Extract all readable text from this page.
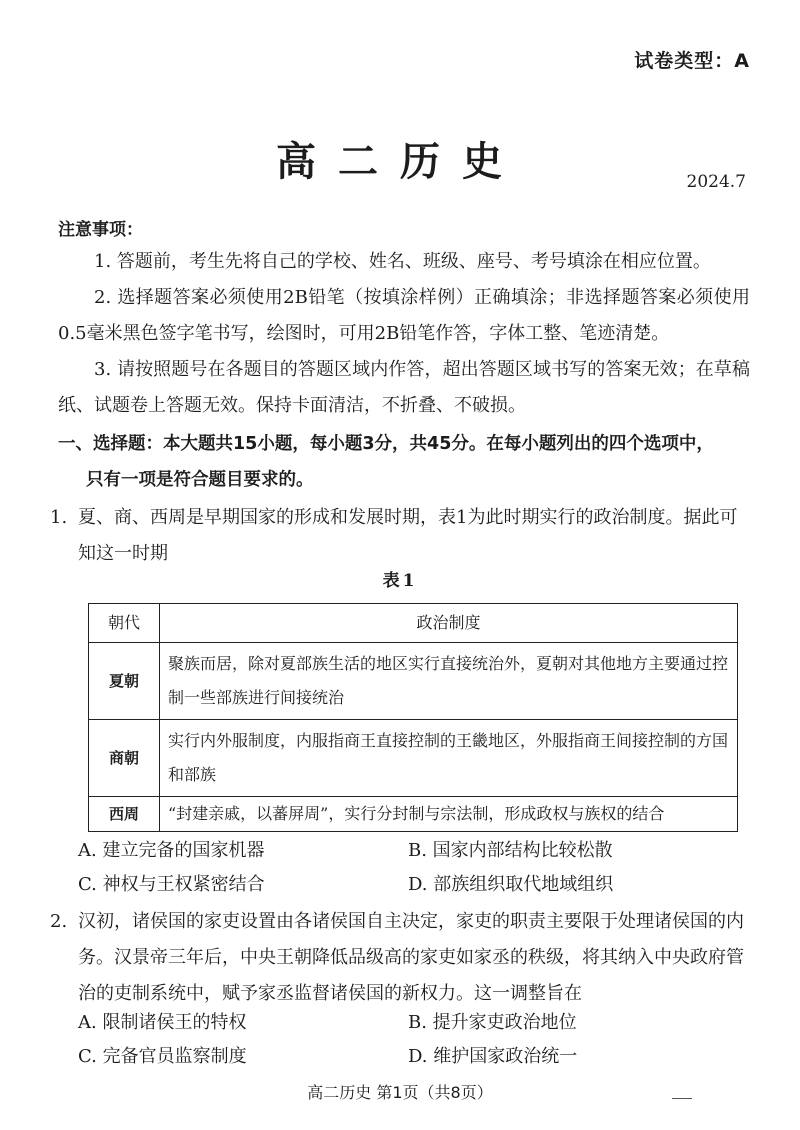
试卷类型：A
高二历史	2024.7
注意事项：

1. 答题前，考生先将自己的学校、姓名、班级、座号、考号填涂在相应位置。

2. 选择题答案必须使用2B铅笔（按填涂样例）正确填涂；非选择题答案必须使用0.5毫米黑色签字笔书写，绘图时，可用2B铅笔作答，字体工整、笔迹清楚。

3. 请按照题号在各题目的答题区域内作答，超出答题区域书写的答案无效；在草稿纸、试题卷上答题无效。保持卡面清洁，不折叠、不破损。

一、选择题：本大题共15小题，每小题3分，共45分。在每小题列出的四个选项中，
只有一项是符合题目要求的。
1. 夏、商、西周是早期国家的形成和发展时期，表1为此时期实行的政治制度。据此可知这一时期
表1
朝代	政治制度
夏朝	聚族而居，除对夏部族生活的地区实行直接统治外，夏朝对其他地方主要通过控制一些部族进行间接统治
商朝	实行内外服制度，内服指商王直接控制的王畿地区，外服指商王间接控制的方国和部族
西周	“封建亲戚，以蕃屏周”，实行分封制与宗法制，形成政权与族权的结合
A. 建立完备的国家机器	B. 国家内部结构比较松散
C. 神权与王权紧密结合	D. 部族组织取代地域组织
2. 汉初，诸侯国的家吏设置由各诸侯国自主决定，家吏的职责主要限于处理诸侯国的内务。汉景帝三年后，中央王朝降低品级高的家吏如家丞的秩级，将其纳入中央政府管治的吏制系统中，赋予家丞监督诸侯国的新权力。这一调整旨在
A. 限制诸侯王的特权	B. 提升家吏政治地位
C. 完备官员监察制度	D. 维护国家政治统一
高二历史 第1页（共8页）
